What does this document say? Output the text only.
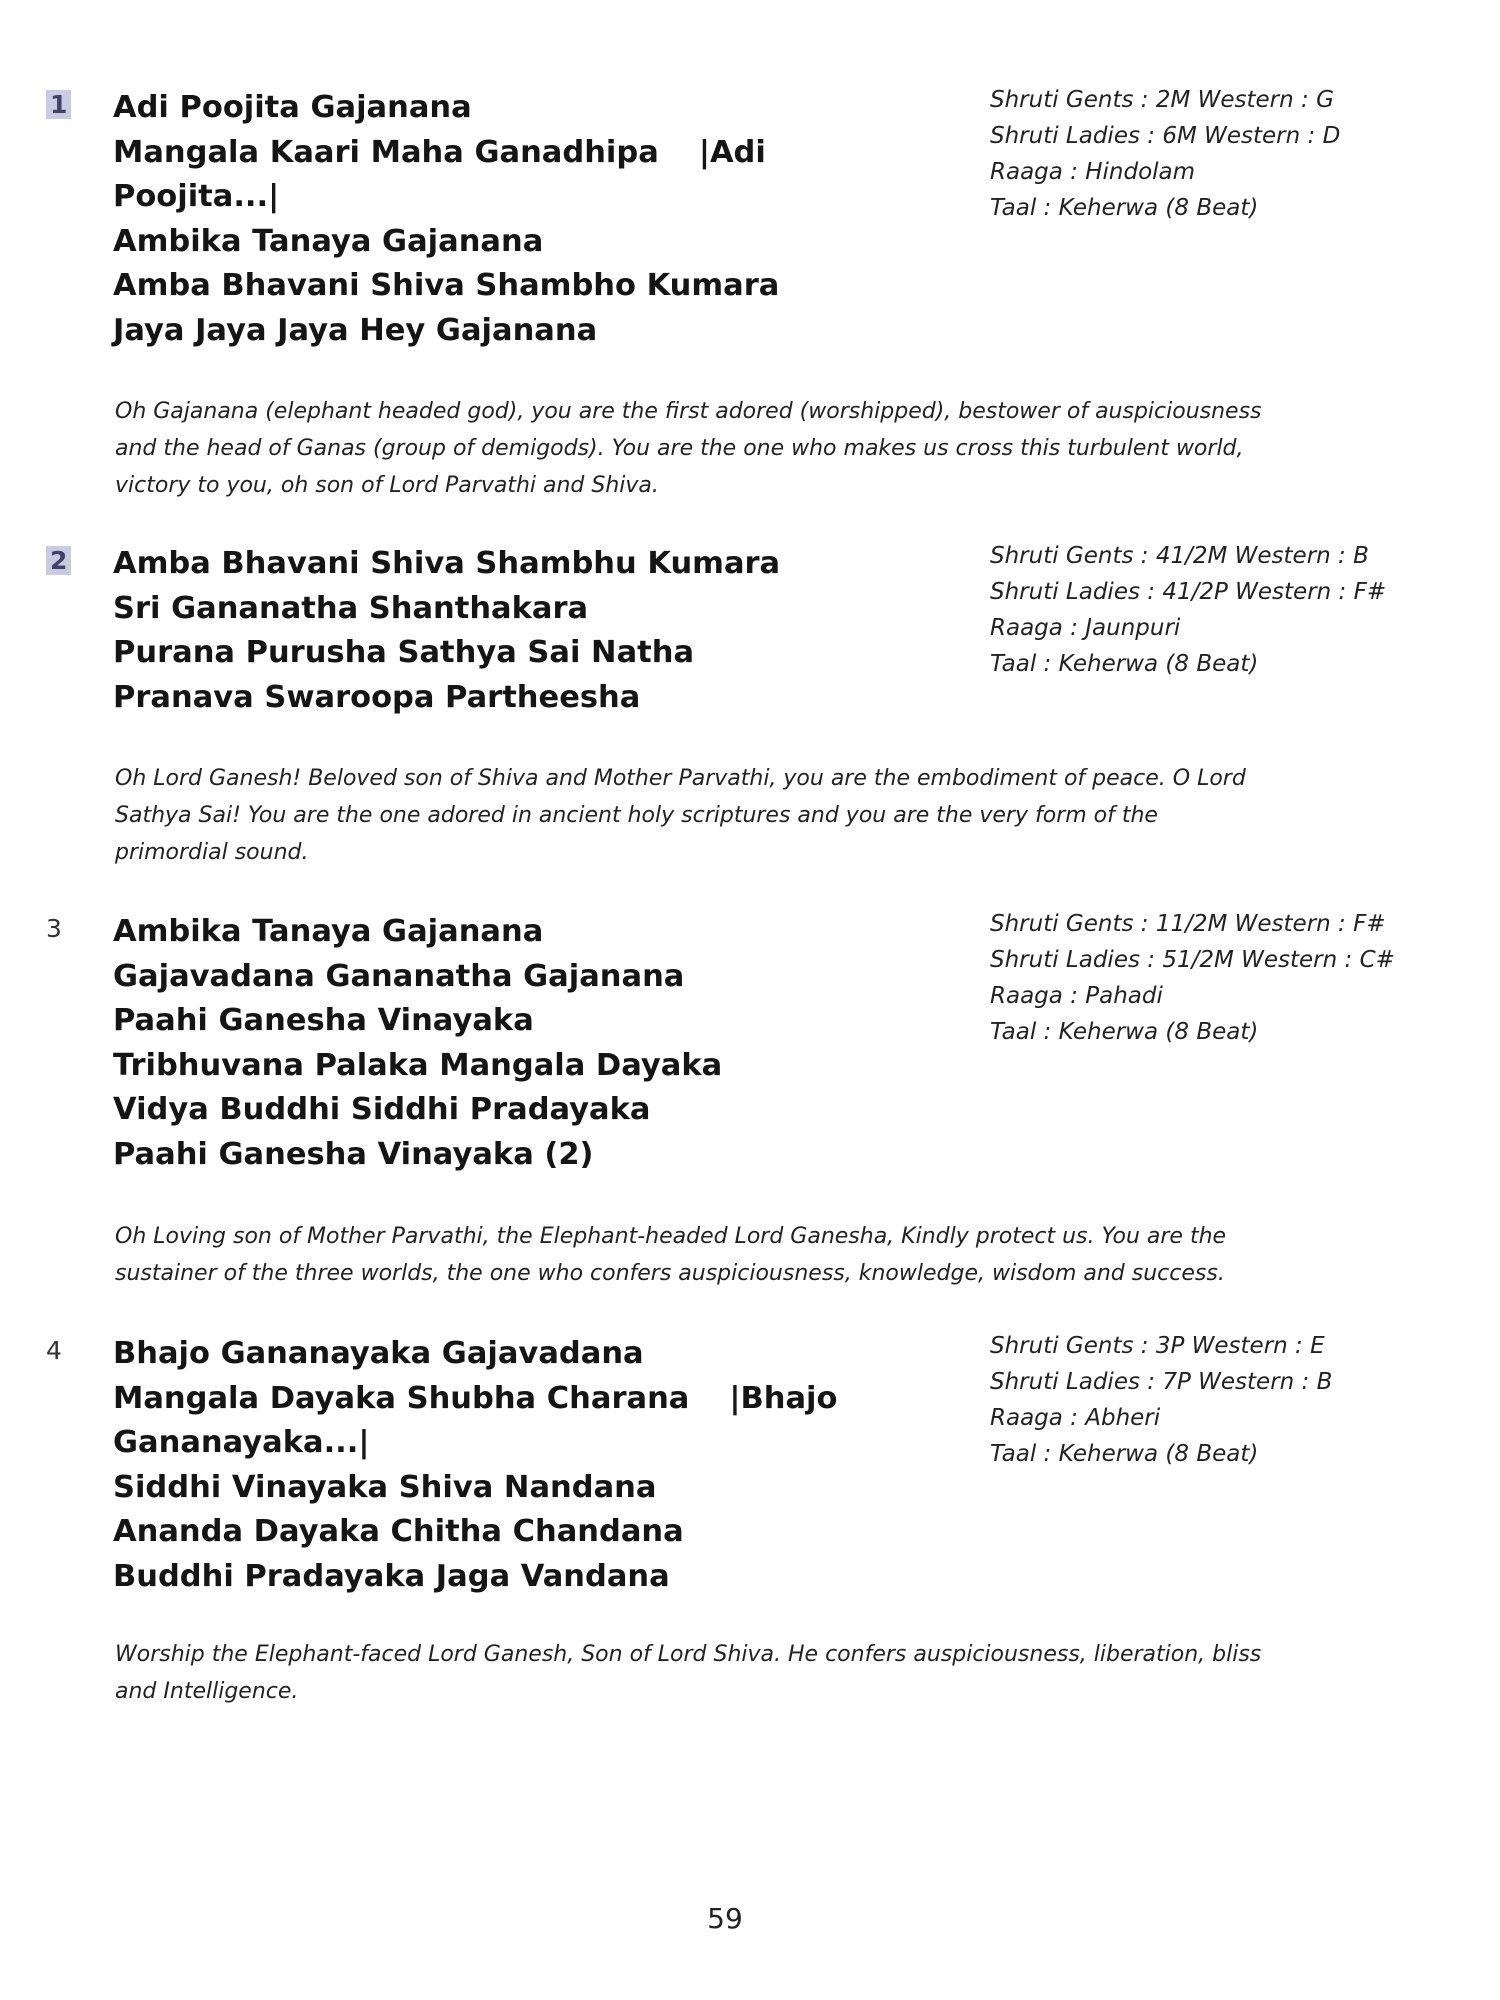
1 Adi Poojita Gajanana
Mangala Kaari Maha Ganadhipa |Adi
Poojita...|
Ambika Tanaya Gajanana
Amba Bhavani Shiva Shambho Kumara
Jaya Jaya Jaya Hey Gajanana
Shruti Gents : 2M Western : G
Shruti Ladies : 6M Western : D
Raaga : Hindolam
Taal : Keherwa (8 Beat)
Oh Gajanana (elephant headed god), you are the first adored (worshipped), bestower of auspiciousness
and the head of Ganas (group of demigods). You are the one who makes us cross this turbulent world,
victory to you, oh son of Lord Parvathi and Shiva.
2 Amba Bhavani Shiva Shambhu Kumara
Sri Gananatha Shanthakara
Purana Purusha Sathya Sai Natha
Pranava Swaroopa Partheesha
Shruti Gents : 41/2M Western : B
Shruti Ladies : 41/2P Western : F#
Raaga : Jaunpuri
Taal : Keherwa (8 Beat)
Oh Lord Ganesh! Beloved son of Shiva and Mother Parvathi, you are the embodiment of peace. O Lord
Sathya Sai! You are the one adored in ancient holy scriptures and you are the very form of the
primordial sound.
3 Ambika Tanaya Gajanana
Gajavadana Gananatha Gajanana
Paahi Ganesha Vinayaka
Tribhuvana Palaka Mangala Dayaka
Vidya Buddhi Siddhi Pradayaka
Paahi Ganesha Vinayaka (2)
Shruti Gents : 11/2M Western : F#
Shruti Ladies : 51/2M Western : C#
Raaga : Pahadi
Taal : Keherwa (8 Beat)
Oh Loving son of Mother Parvathi, the Elephant-headed Lord Ganesha, Kindly protect us. You are the
sustainer of the three worlds, the one who confers auspiciousness, knowledge, wisdom and success.
4 Bhajo Gananayaka Gajavadana
Mangala Dayaka Shubha Charana |Bhajo
Gananayaka...|
Siddhi Vinayaka Shiva Nandana
Ananda Dayaka Chitha Chandana
Buddhi Pradayaka Jaga Vandana
Shruti Gents : 3P Western : E
Shruti Ladies : 7P Western : B
Raaga : Abheri
Taal : Keherwa (8 Beat)
Worship the Elephant-faced Lord Ganesh, Son of Lord Shiva. He confers auspiciousness, liberation, bliss
and Intelligence.
59
